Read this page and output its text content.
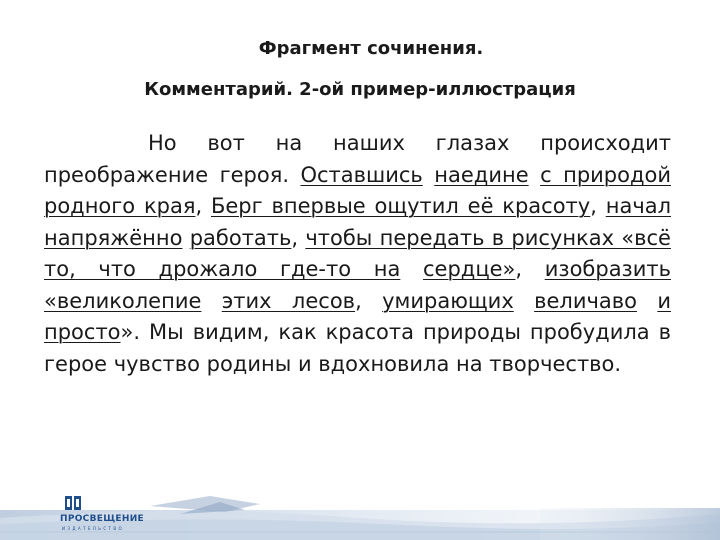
Фрагмент сочинения.
Комментарий. 2-ой пример-иллюстрация
Но вот на наших глазах происходит преображение героя. Оставшись наедине с природой родного края, Берг впервые ощутил её красоту, начал напряжённо работать, чтобы передать в рисунках «всё то, что дрожало где-то на сердце», изобразить «великолепие этих лесов, умирающих величаво и просто». Мы видим, как красота природы пробудила в герое чувство родины и вдохновила на творчество.
ПРОСВЕЩЕНИЕ
ИЗДАТЕЛЬСТВО
